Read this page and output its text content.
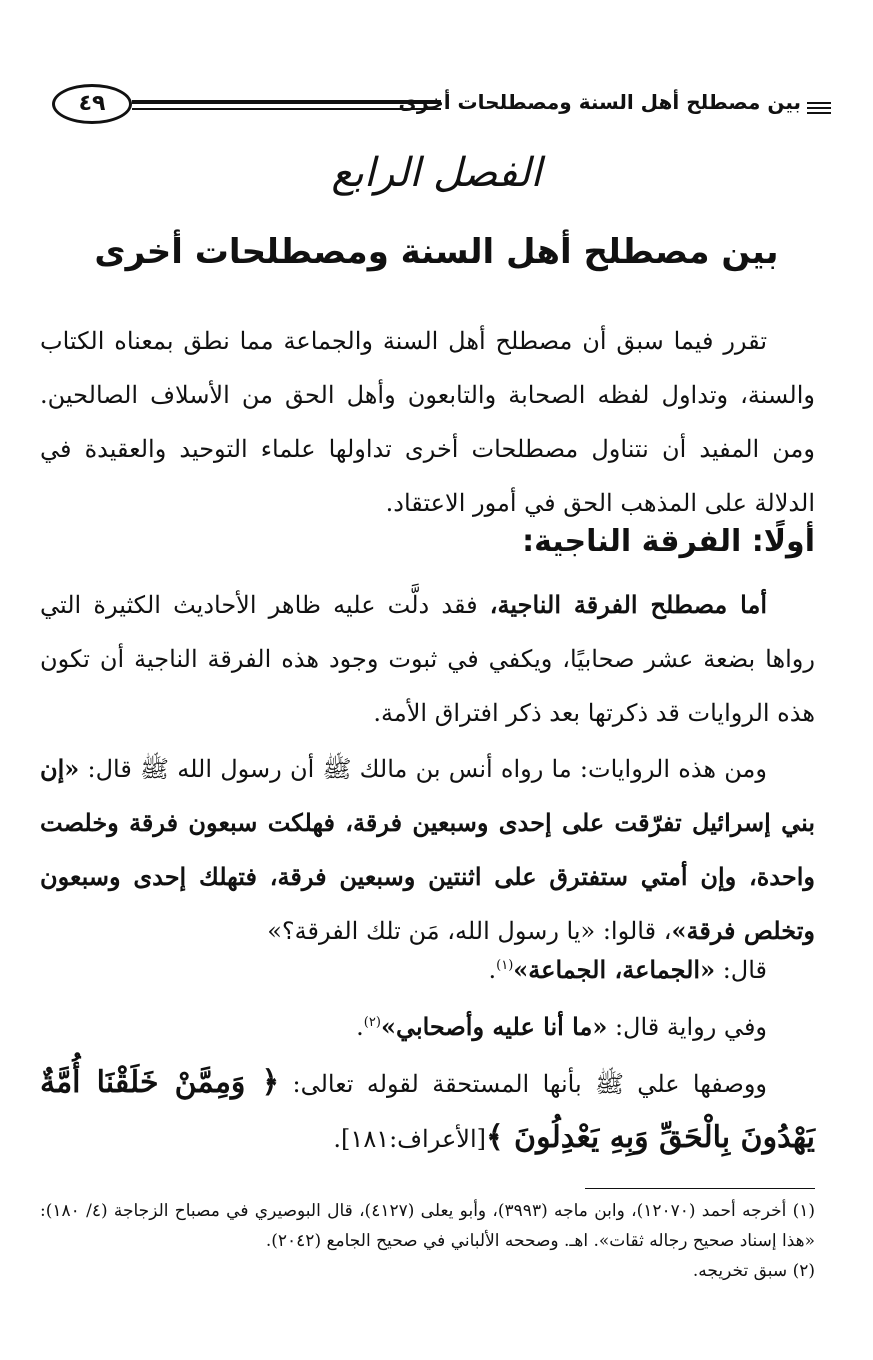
٤٩	بين مصطلح أهل السنة ومصطلحات أخرى
الفصل الرابع
بين مصطلح أهل السنة ومصطلحات أخرى

تقرر فيما سبق أن مصطلح أهل السنة والجماعة مما نطق بمعناه الكتاب والسنة، وتداول لفظه الصحابة والتابعون وأهل الحق من الأسلاف الصالحين. ومن المفيد أن نتناول مصطلحات أخرى تداولها علماء التوحيد والعقيدة في الدلالة على المذهب الحق في أمور الاعتقاد.

أولًا: الفرقة الناجية:

أما مصطلح الفرقة الناجية، فقد دلَّت عليه ظاهر الأحاديث الكثيرة التي رواها بضعة عشر صحابيًا، ويكفي في ثبوت وجود هذه الفرقة الناجية أن تكون هذه الروايات قد ذكرتها بعد ذكر افتراق الأمة.

ومن هذه الروايات: ما رواه أنس بن مالك ﷺ أن رسول الله ﷺ قال: «إن بني إسرائيل تفرّقت على إحدى وسبعين فرقة، فهلكت سبعون فرقة وخلصت واحدة، وإن أمتي ستفترق على اثنتين وسبعين فرقة، فتهلك إحدى وسبعون وتخلص فرقة»، قالوا: «يا رسول الله، مَن تلك الفرقة؟»

قال: «الجماعة، الجماعة»$^{(١)}$.
وفي رواية قال: «ما أنا عليه وأصحابي»$^{(٢)}$.

ووصفها علي ﷺ بأنها المستحقة لقوله تعالى: ﴿ وَمِمَّنْ خَلَقْنَا أُمَّةٌ يَهْدُونَ بِالْحَقِّ وَبِهِ يَعْدِلُونَ ﴾[الأعراف:١٨١].

(١) أخرجه أحمد (١٢٠٧٠)، وابن ماجه (٣٩٩٣)، وأبو يعلى (٤١٢٧)، قال البوصيري في مصباح الزجاجة (٤/ ١٨٠): «هذا إسناد صحيح رجاله ثقات». اهـ. وصححه الألباني في صحيح الجامع (٢٠٤٢).

(٢) سبق تخريجه.
